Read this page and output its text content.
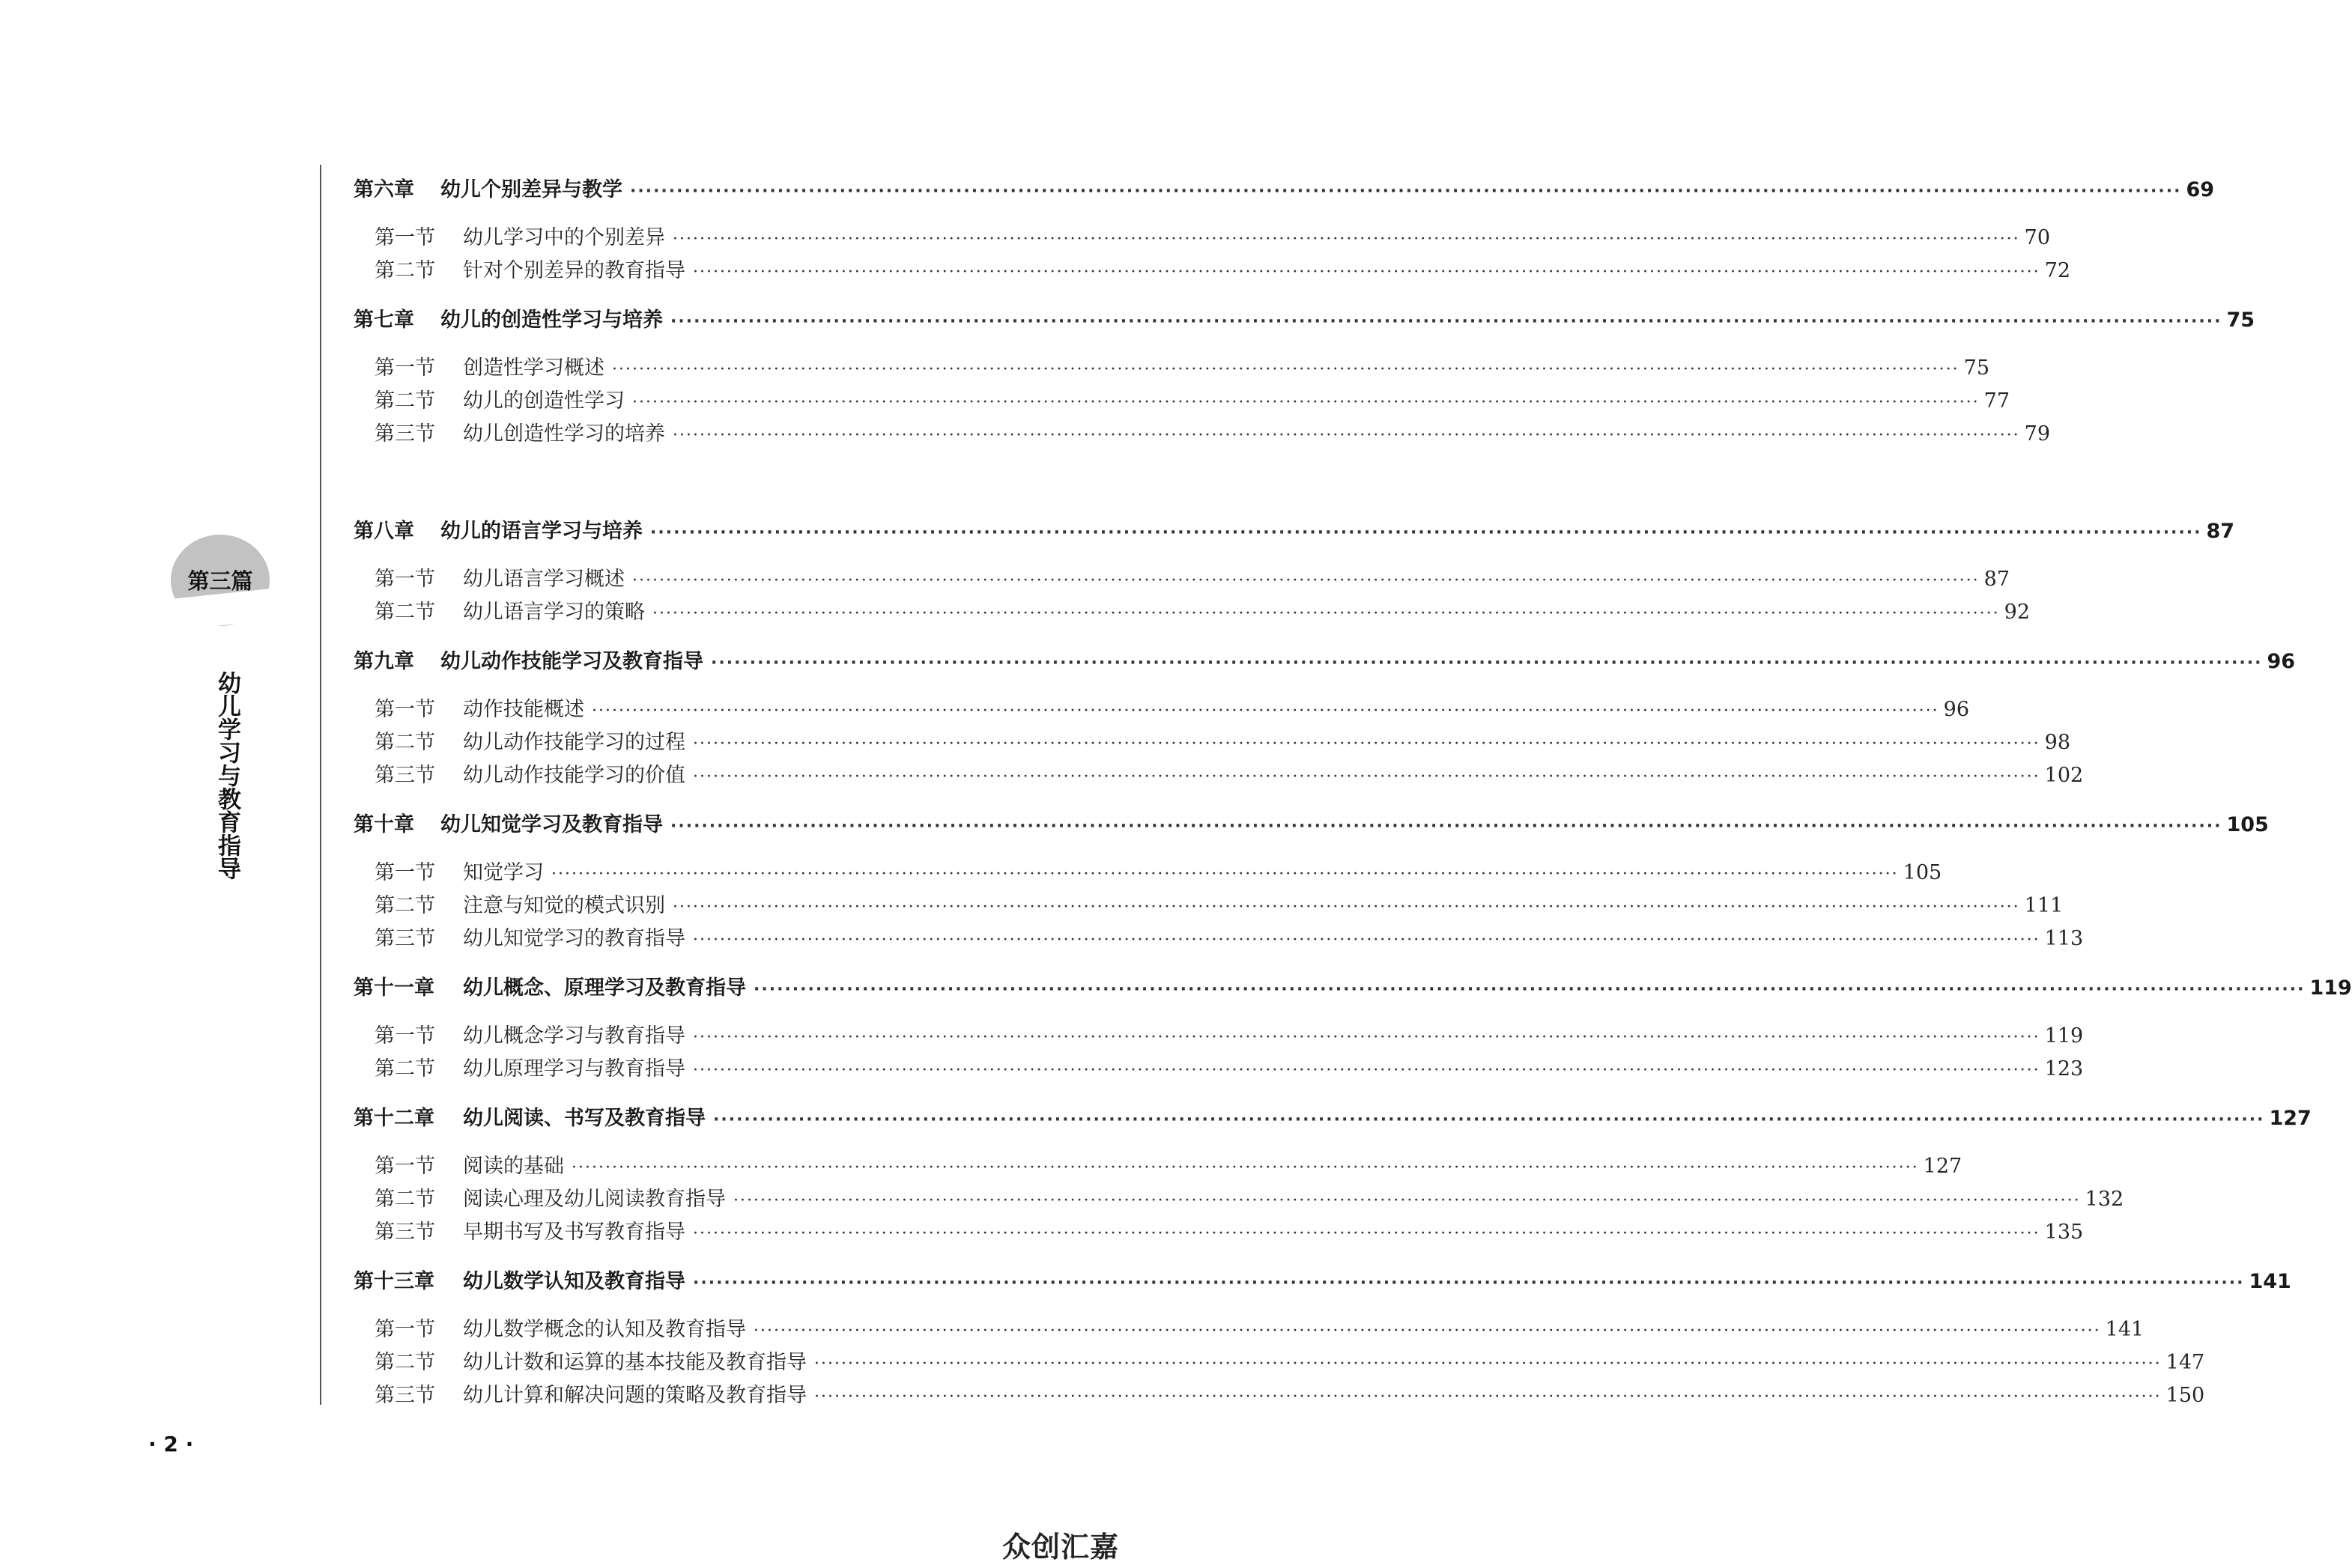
第三篇
幼儿学习与教育指导
第六章	幼儿个别差异与教学 ········································································································································································································ 69
第一节	幼儿学习中的个别差异 ········································································································································································································ 70
第二节	针对个别差异的教育指导 ········································································································································································································ 72
第七章	幼儿的创造性学习与培养 ········································································································································································································ 75
第一节	创造性学习概述 ········································································································································································································ 75
第二节	幼儿的创造性学习 ········································································································································································································ 77
第三节	幼儿创造性学习的培养 ········································································································································································································ 79
第八章	幼儿的语言学习与培养 ········································································································································································································ 87
第一节	幼儿语言学习概述 ········································································································································································································ 87
第二节	幼儿语言学习的策略 ········································································································································································································ 92
第九章	幼儿动作技能学习及教育指导 ········································································································································································································ 96
第一节	动作技能概述 ········································································································································································································ 96
第二节	幼儿动作技能学习的过程 ········································································································································································································ 98
第三节	幼儿动作技能学习的价值 ········································································································································································································ 102
第十章	幼儿知觉学习及教育指导 ········································································································································································································ 105
第一节	知觉学习 ········································································································································································································ 105
第二节	注意与知觉的模式识别 ········································································································································································································ 111
第三节	幼儿知觉学习的教育指导 ········································································································································································································ 113
第十一章	幼儿概念、原理学习及教育指导 ········································································································································································································ 119
第一节	幼儿概念学习与教育指导 ········································································································································································································ 119
第二节	幼儿原理学习与教育指导 ········································································································································································································ 123
第十二章	幼儿阅读、书写及教育指导 ········································································································································································································ 127
第一节	阅读的基础 ········································································································································································································ 127
第二节	阅读心理及幼儿阅读教育指导 ········································································································································································································ 132
第三节	早期书写及书写教育指导 ········································································································································································································ 135
第十三章	幼儿数学认知及教育指导 ········································································································································································································ 141
第一节	幼儿数学概念的认知及教育指导 ········································································································································································································ 141
第二节	幼儿计数和运算的基本技能及教育指导 ········································································································································································································ 147
第三节	幼儿计算和解决问题的策略及教育指导 ········································································································································································································ 150
· 2 ·
众创汇嘉
